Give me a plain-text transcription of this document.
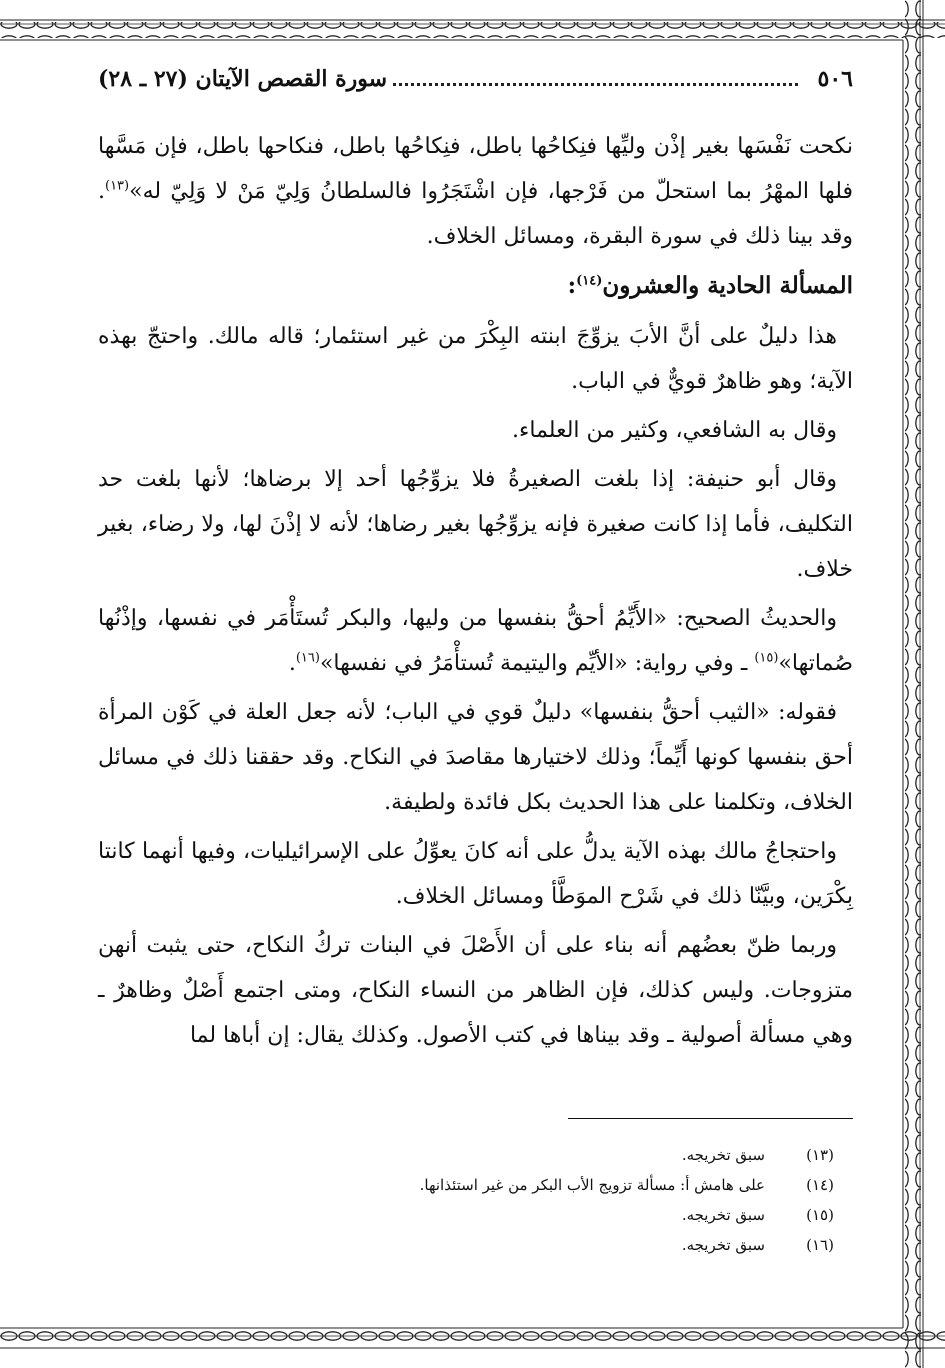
٥٠٦
سورة القصص الآيتان (٢٧ ـ ٢٨)

نكحت نَفْسَها بغير إذْن وليِّها فنِكاحُها باطل، فنِكاحُها باطل، فنكاحها باطل، فإن مَسَّها فلها المهْرُ بما استحلّ من فَرْجها، فإن اشْتَجَرُوا فالسلطانُ وَلِيّ مَنْ لا وَلِيّ له»$^{(١٣)}$. وقد بينا ذلك في سورة البقرة، ومسائل الخلاف.

المسألة الحادية والعشرون$^{(١٤)}$:

هذا دليلٌ على أنَّ الأبَ يزوِّجَ ابنته البِكْرَ من غير استئمار؛ قاله مالك. واحتجّ بهذه الآية؛ وهو ظاهرٌ قويٌّ في الباب.

وقال به الشافعي، وكثير من العلماء.

وقال أبو حنيفة: إذا بلغت الصغيرةُ فلا يزوِّجُها أحد إلا برضاها؛ لأنها بلغت حد التكليف، فأما إذا كانت صغيرة فإنه يزوِّجُها بغير رضاها؛ لأنه لا إذْنَ لها، ولا رضاء، بغير خلاف.

والحديثُ الصحيح: «الأَيِّمُ أحقُّ بنفسها من وليها، والبكر تُستَأْمَر في نفسها، وإذْنُها صُماتها»$^{(١٥)}$ ـ وفي رواية: «الأيِّم واليتيمة تُستأْمَرُ في نفسها»$^{(١٦)}$.

فقوله: «الثيب أحقُّ بنفسها» دليلٌ قوي في الباب؛ لأنه جعل العلة في كَوْن المرأة أحق بنفسها كونها أَيِّماً؛ وذلك لاختيارها مقاصدَ في النكاح. وقد حققنا ذلك في مسائل الخلاف، وتكلمنا على هذا الحديث بكل فائدة ولطيفة.

واحتجاجُ مالك بهذه الآية يدلُّ على أنه كانَ يعوِّلُ على الإسرائيليات، وفيها أنهما كانتا بِكْرَين، وبيَّنّا ذلك في شَرْح الموَطَّأ ومسائل الخلاف.

وربما ظنّ بعضُهم أنه بناء على أن الأَصْلَ في البنات تركُ النكاح، حتى يثبت أنهن متزوجات. وليس كذلك، فإن الظاهر من النساء النكاح، ومتى اجتمع أَصْلٌ وظاهرٌ ـ وهي مسألة أصولية ـ وقد بيناها في كتب الأصول. وكذلك يقال: إن أباها لما

(١٣)
سبق تخريجه.
(١٤)
على هامش أ: مسألة تزويج الأب البكر من غير استئذانها.
(١٥)
سبق تخريجه.
(١٦)
سبق تخريجه.
